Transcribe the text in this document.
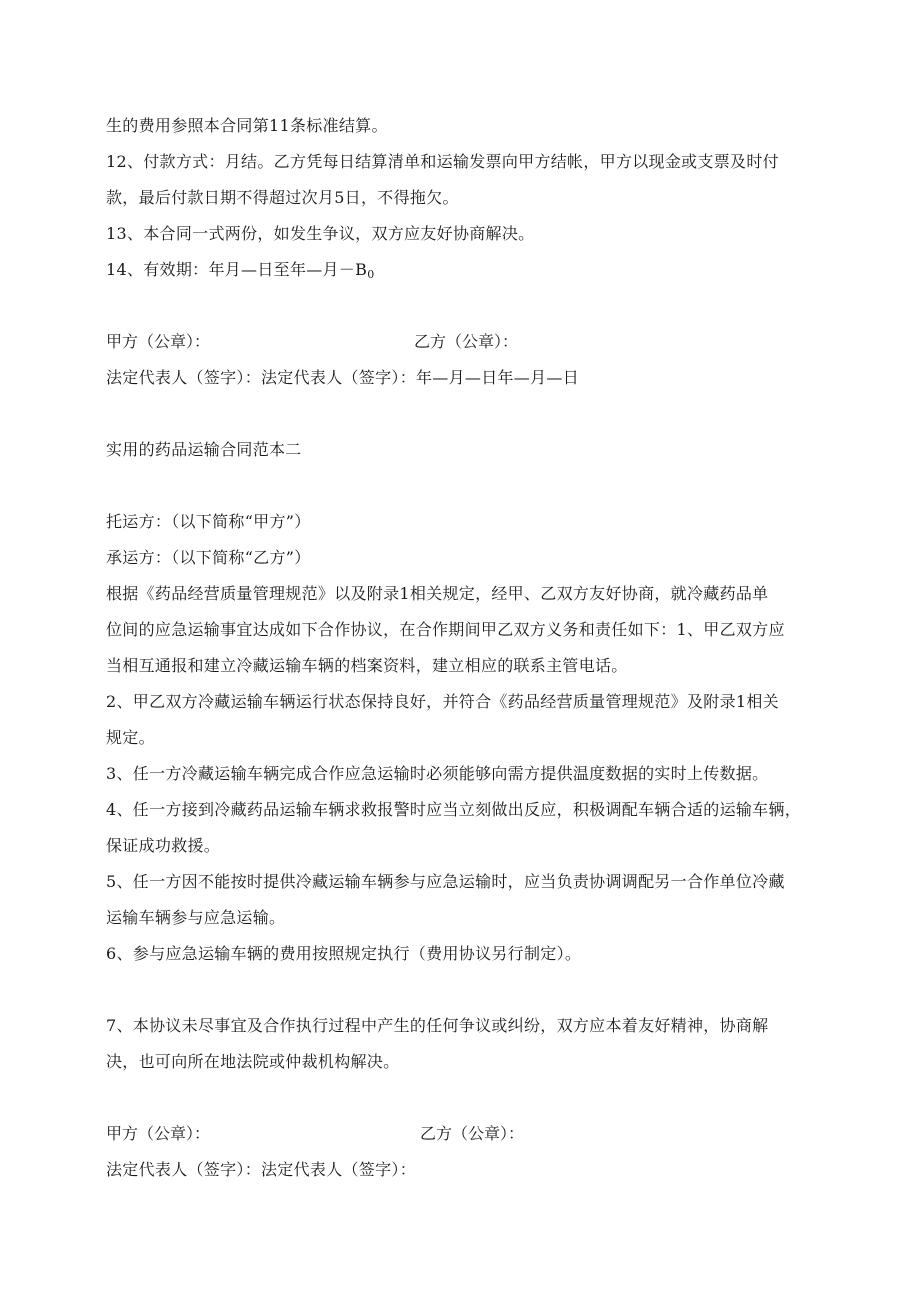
生的费用参照本合同第11条标准结算。
12、付款方式：月结。乙方凭每日结算清单和运输发票向甲方结帐，甲方以现金或支票及时付
款，最后付款日期不得超过次月5日，不得拖欠。
13、本合同一式两份，如发生争议，双方应友好协商解决。
14、有效期：年月—日至年—月$-B_0$
甲方（公章）：	乙方（公章）：
法定代表人（签字）：法定代表人（签字）：年—月—日年—月—日
实用的药品运输合同范本二
托运方：（以下简称“甲方”）
承运方：（以下简称“乙方”）
根据《药品经营质量管理规范》以及附录1相关规定，经甲、乙双方友好协商，就冷藏药品单
位间的应急运输事宜达成如下合作协议，在合作期间甲乙双方义务和责任如下：1、甲乙双方应
当相互通报和建立冷藏运输车辆的档案资料，建立相应的联系主管电话。
2、甲乙双方冷藏运输车辆运行状态保持良好，并符合《药品经营质量管理规范》及附录1相关
规定。
3、任一方冷藏运输车辆完成合作应急运输时必须能够向需方提供温度数据的实时上传数据。
4、任一方接到冷藏药品运输车辆求救报警时应当立刻做出反应，积极调配车辆合适的运输车辆，
保证成功救援。
5、任一方因不能按时提供冷藏运输车辆参与应急运输时，应当负责协调调配另一合作单位冷藏
运输车辆参与应急运输。
6、参与应急运输车辆的费用按照规定执行（费用协议另行制定）。
7、本协议未尽事宜及合作执行过程中产生的任何争议或纠纷，双方应本着友好精神，协商解
决，也可向所在地法院或仲裁机构解决。
甲方（公章）：	乙方（公章）：
法定代表人（签字）：法定代表人（签字）：
